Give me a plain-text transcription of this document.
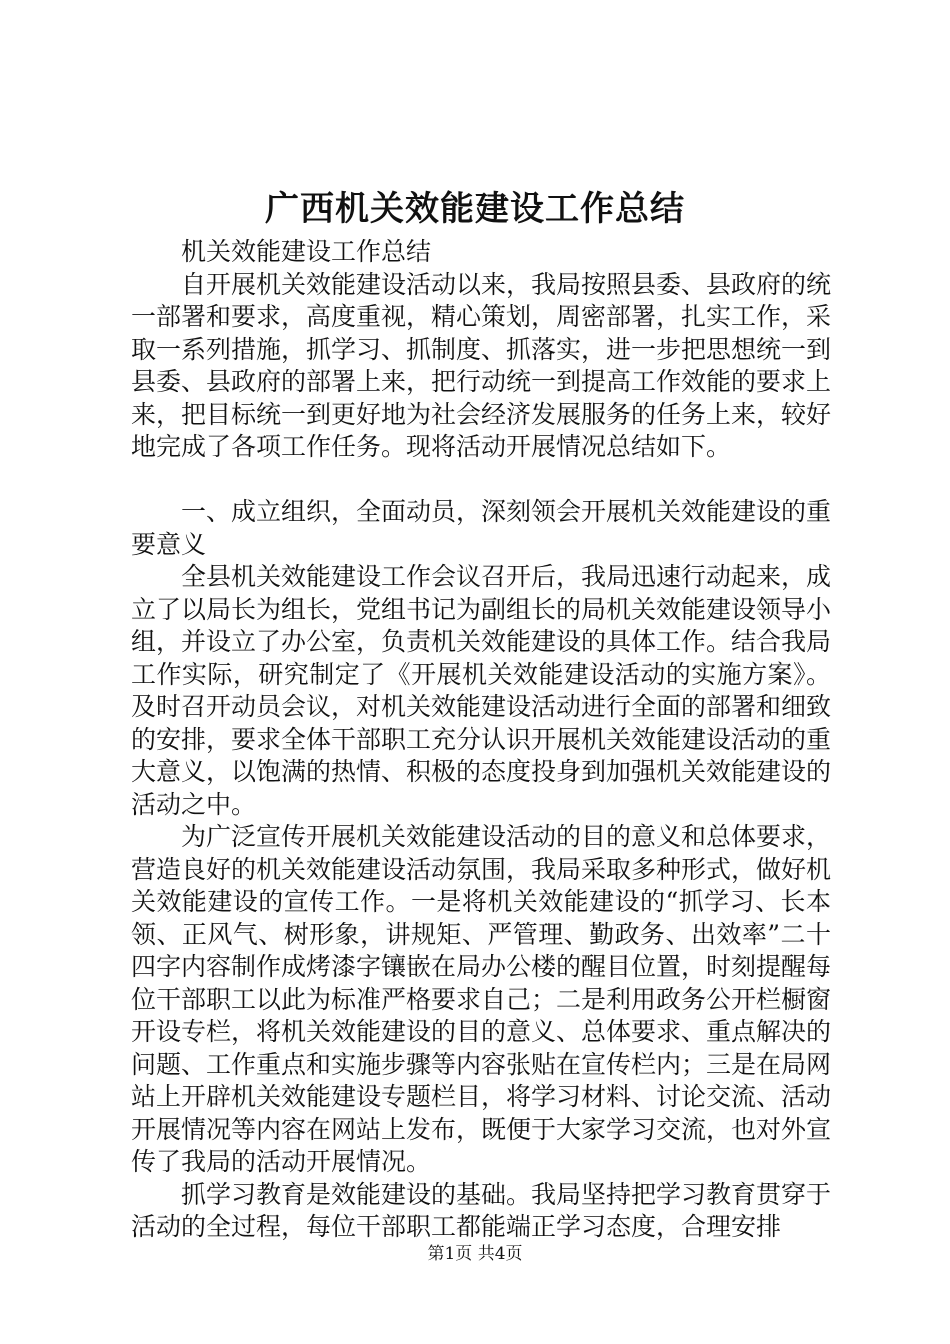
广西机关效能建设工作总结

机关效能建设工作总结

自开展机关效能建设活动以来，我局按照县委、县政府的统一部署和要求，高度重视，精心策划，周密部署，扎实工作，采取一系列措施，抓学习、抓制度、抓落实，进一步把思想统一到县委、县政府的部署上来，把行动统一到提高工作效能的要求上来，把目标统一到更好地为社会经济发展服务的任务上来，较好地完成了各项工作任务。现将活动开展情况总结如下。

一、成立组织，全面动员，深刻领会开展机关效能建设的重要意义

全县机关效能建设工作会议召开后，我局迅速行动起来，成立了以局长为组长，党组书记为副组长的局机关效能建设领导小组，并设立了办公室，负责机关效能建设的具体工作。结合我局工作实际，研究制定了《开展机关效能建设活动的实施方案》。及时召开动员会议，对机关效能建设活动进行全面的部署和细致的安排，要求全体干部职工充分认识开展机关效能建设活动的重大意义，以饱满的热情、积极的态度投身到加强机关效能建设的活动之中。

为广泛宣传开展机关效能建设活动的目的意义和总体要求，营造良好的机关效能建设活动氛围，我局采取多种形式，做好机关效能建设的宣传工作。一是将机关效能建设的“抓学习、长本领、正风气、树形象，讲规矩、严管理、勤政务、出效率”二十四字内容制作成烤漆字镶嵌在局办公楼的醒目位置，时刻提醒每位干部职工以此为标准严格要求自己；二是利用政务公开栏橱窗开设专栏，将机关效能建设的目的意义、总体要求、重点解决的问题、工作重点和实施步骤等内容张贴在宣传栏内；三是在局网站上开辟机关效能建设专题栏目，将学习材料、讨论交流、活动开展情况等内容在网站上发布，既便于大家学习交流，也对外宣传了我局的活动开展情况。

抓学习教育是效能建设的基础。我局坚持把学习教育贯穿于活动的全过程，每位干部职工都能端正学习态度，合理安排

第1页 共4页
